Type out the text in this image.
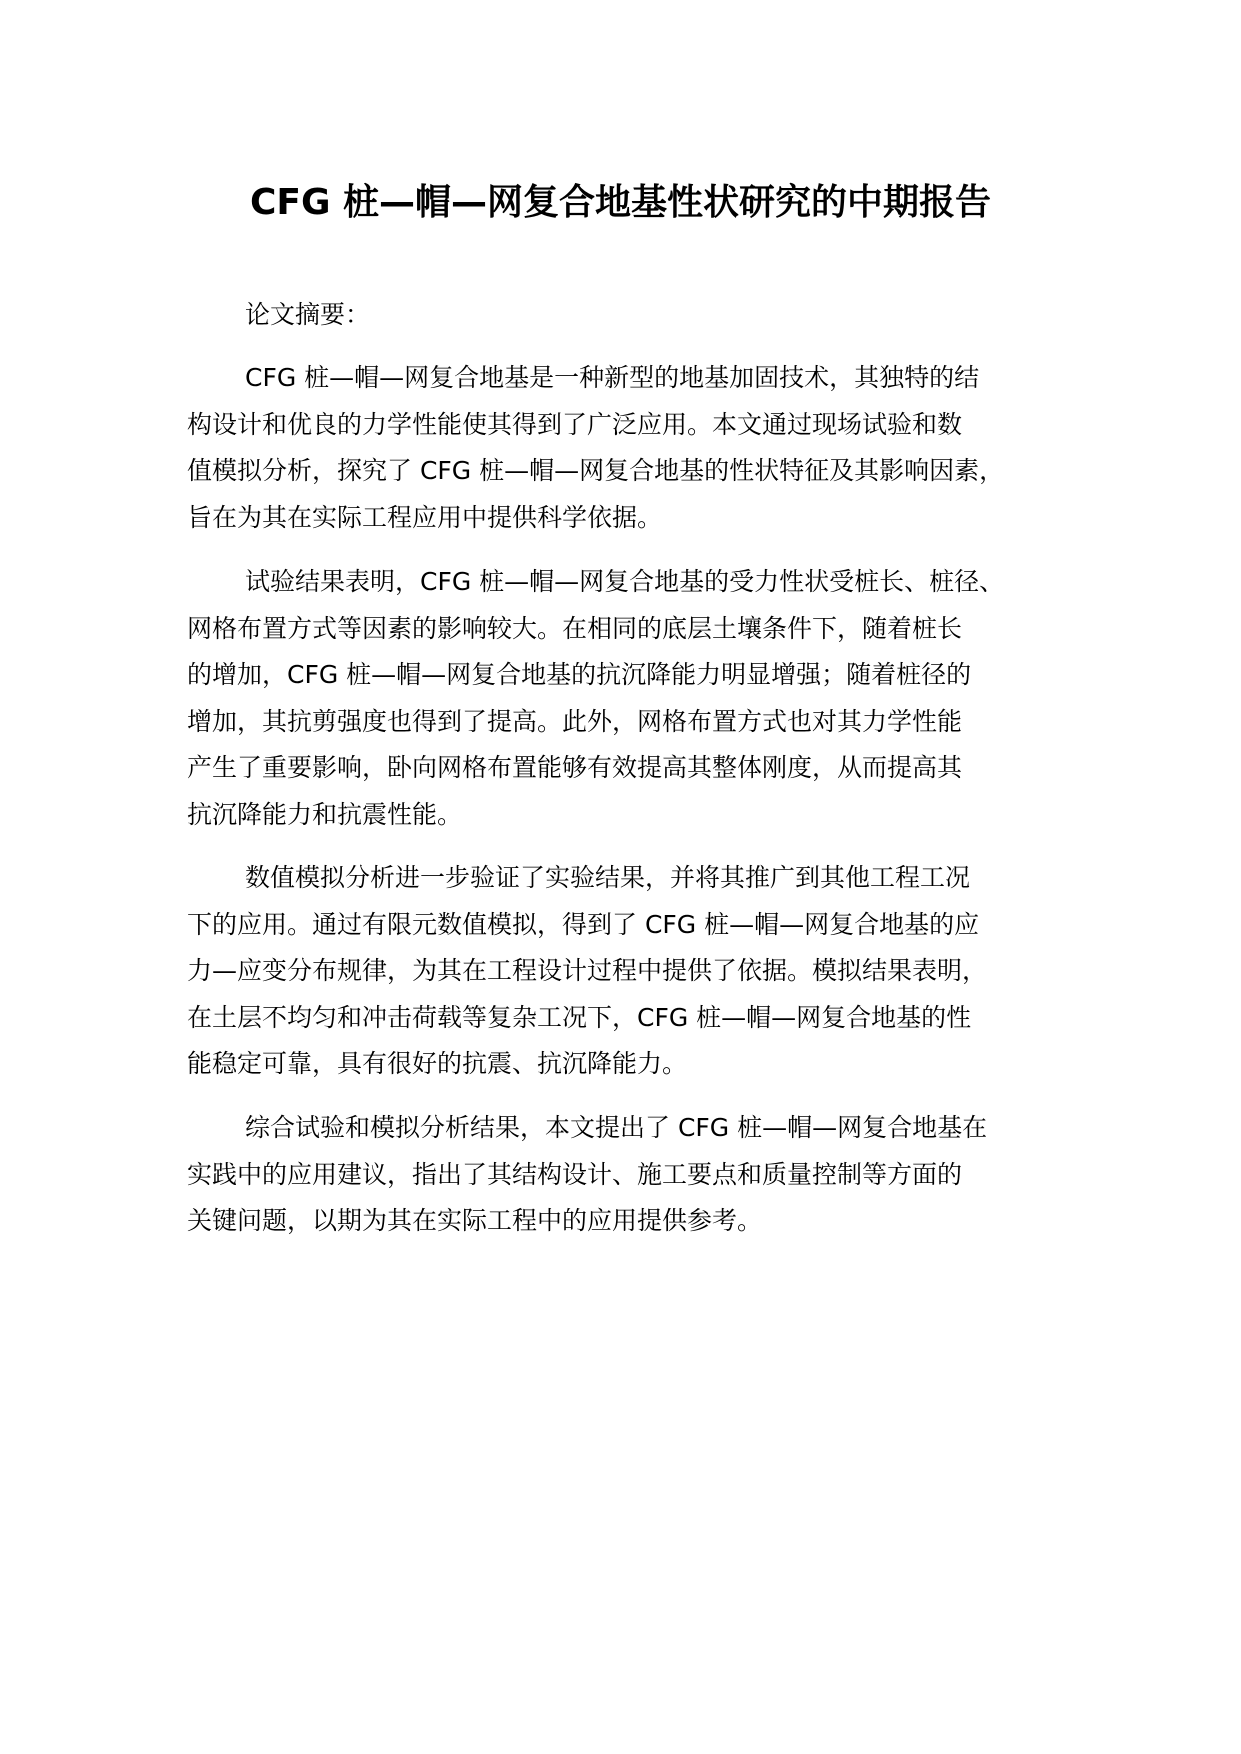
CFG 桩—帽—网复合地基性状研究的中期报告

论文摘要：

CFG 桩—帽—网复合地基是一种新型的地基加固技术，其独特的结
构设计和优良的力学性能使其得到了广泛应用。本文通过现场试验和数
值模拟分析，探究了 CFG 桩—帽—网复合地基的性状特征及其影响因素，
旨在为其在实际工程应用中提供科学依据。

试验结果表明，CFG 桩—帽—网复合地基的受力性状受桩长、桩径、
网格布置方式等因素的影响较大。在相同的底层土壤条件下，随着桩长
的增加，CFG 桩—帽—网复合地基的抗沉降能力明显增强；随着桩径的
增加，其抗剪强度也得到了提高。此外，网格布置方式也对其力学性能
产生了重要影响，卧向网格布置能够有效提高其整体刚度，从而提高其
抗沉降能力和抗震性能。

数值模拟分析进一步验证了实验结果，并将其推广到其他工程工况
下的应用。通过有限元数值模拟，得到了 CFG 桩—帽—网复合地基的应
力—应变分布规律，为其在工程设计过程中提供了依据。模拟结果表明，
在土层不均匀和冲击荷载等复杂工况下，CFG 桩—帽—网复合地基的性
能稳定可靠，具有很好的抗震、抗沉降能力。

综合试验和模拟分析结果，本文提出了 CFG 桩—帽—网复合地基在
实践中的应用建议，指出了其结构设计、施工要点和质量控制等方面的
关键问题，以期为其在实际工程中的应用提供参考。
